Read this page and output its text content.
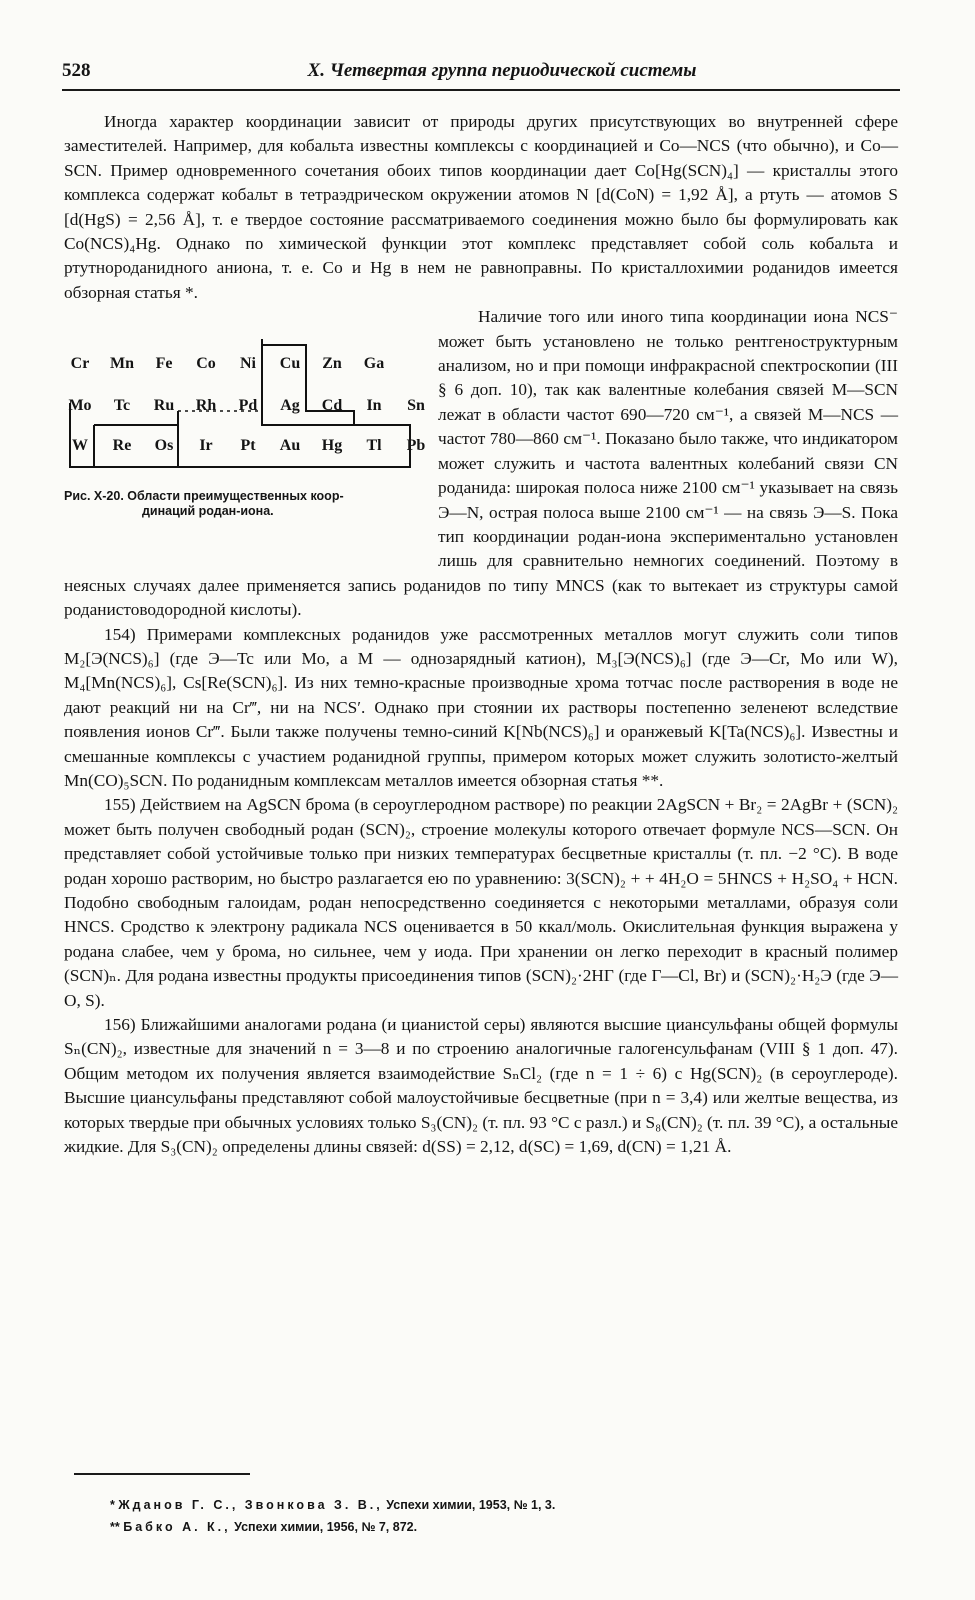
528	X. Четвертая группа периодической системы

Иногда характер координации зависит от природы других присутствующих во внутренней сфере заместителей. Например, для кобальта известны комплексы с координацией и Co—NCS (что обычно), и Co—SCN. Пример одновременного сочетания обоих типов координации дает Co[Hg(SCN)₄] — кристаллы этого комплекса содержат кобальт в тетраэдрическом окружении атомов N [d(CoN) = 1,92 Å], а ртуть — атомов S [d(HgS) = 2,56 Å], т. е твердое состояние рассматриваемого соединения можно было бы формулировать как Co(NCS)₄Hg. Однако по химической функции этот комплекс представляет собой соль кобальта и ртутнороданидного аниона, т. е. Co и Hg в нем не равноправны. По кристаллохимии роданидов имеется обзорная статья *.

Cr	Mn	Fe	Co	Ni	Cu	Zn	Ga
Mo	Tc	Ru	Rh	Pd	Ag	Cd	In	Sn
W	Re	Os	Ir	Pt	Au	Hg	Tl	Pb
Рис. X-20. Области преимущественных коор-
динаций родан-иона.

Наличие того или иного типа координации иона NCS⁻ может быть установлено не только рентгеноструктурным анализом, но и при помощи инфракрасной спектроскопии (III § 6 доп. 10), так как валентные колебания связей M—SCN лежат в области частот 690—720 см⁻¹, а связей M—NCS — частот 780—860 см⁻¹. Показано было также, что индикатором может служить и частота валентных колебаний связи CN роданида: широкая полоса ниже 2100 см⁻¹ указывает на связь Э—N, острая полоса выше 2100 см⁻¹ — на связь Э—S. Пока тип координации родан-иона экспериментально установлен лишь для сравнительно немногих соединений. Поэтому в неясных случаях далее применяется запись роданидов по типу MNCS (как то вытекает из структуры самой роданистоводородной кислоты).

154) Примерами комплексных роданидов уже рассмотренных металлов могут служить соли типов M₂[Э(NCS)₆] (где Э—Tc или Mo, а M — однозарядный катион), M₃[Э(NCS)₆] (где Э—Cr, Mo или W), M₄[Mn(NCS)₆], Cs[Re(SCN)₆]. Из них темно-красные производные хрома тотчас после растворения в воде не дают реакций ни на Cr‴, ни на NCS′. Однако при стоянии их растворы постепенно зеленеют вследствие появления ионов Cr‴. Были также получены темно-синий K[Nb(NCS)₆] и оранжевый K[Ta(NCS)₆]. Известны и смешанные комплексы с участием роданидной группы, примером которых может служить золотисто-желтый Mn(CO)₅SCN. По роданидным комплексам металлов имеется обзорная статья **.

155) Действием на AgSCN брома (в сероуглеродном растворе) по реакции 2AgSCN + Br₂ = 2AgBr + (SCN)₂ может быть получен свободный родан (SCN)₂, строение молекулы которого отвечает формуле NCS—SCN. Он представляет собой устойчивые только при низких температурах бесцветные кристаллы (т. пл. −2 °C). В воде родан хорошо растворим, но быстро разлагается ею по уравнению: 3(SCN)₂ + + 4H₂O = 5HNCS + H₂SO₄ + HCN. Подобно свободным галоидам, родан непосредственно соединяется с некоторыми металлами, образуя соли HNCS. Сродство к электрону радикала NCS оценивается в 50 ккал/моль. Окислительная функция выражена у родана слабее, чем у брома, но сильнее, чем у иода. При хранении он легко переходит в красный полимер (SCN)ₙ. Для родана известны продукты присоединения типов (SCN)₂·2HГ (где Г—Cl, Br) и (SCN)₂·H₂Э (где Э—O, S).

156) Ближайшими аналогами родана (и цианистой серы) являются высшие циансульфаны общей формулы Sₙ(CN)₂, известные для значений n = 3—8 и по строению аналогичные галогенсульфанам (VIII § 1 доп. 47). Общим методом их получения является взаимодействие SₙCl₂ (где n = 1 ÷ 6) с Hg(SCN)₂ (в сероуглероде). Высшие циансульфаны представляют собой малоустойчивые бесцветные (при n = 3,4) или желтые вещества, из которых твердые при обычных условиях только S₃(CN)₂ (т. пл. 93 °C с разл.) и S₈(CN)₂ (т. пл. 39 °C), а остальные жидкие. Для S₃(CN)₂ определены длины связей: d(SS) = 2,12, d(SC) = 1,69, d(CN) = 1,21 Å.

* Жданов Г. С., Звонкова З. В., Успехи химии, 1953, № 1, 3.
** Бабко А. К., Успехи химии, 1956, № 7, 872.
